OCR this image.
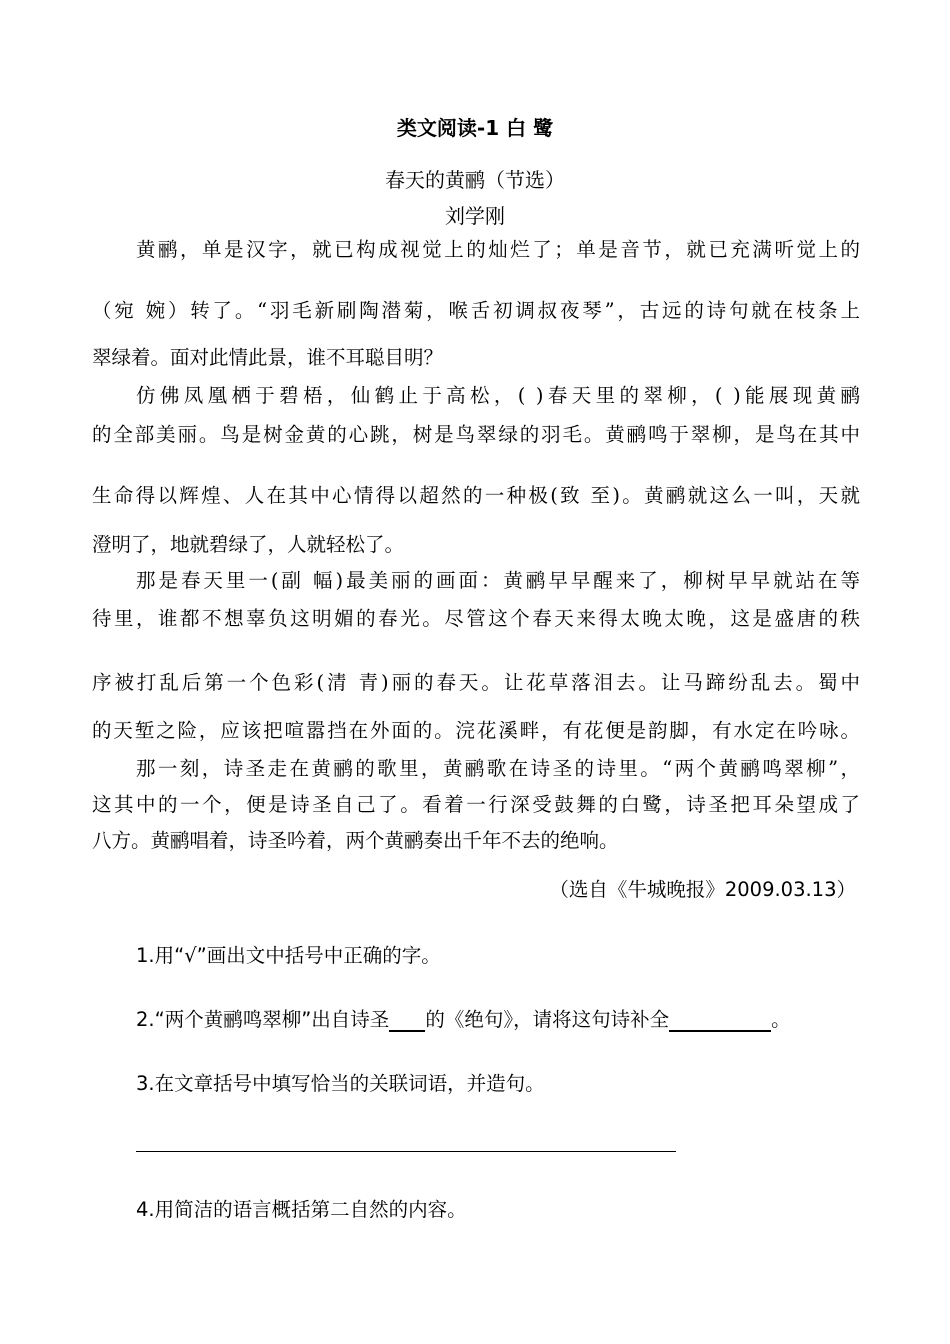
类文阅读-1 白 鹭
春天的黄鹂（节选）
刘学刚
黄鹂，单是汉字，就已构成视觉上的灿烂了；单是音节，就已充满听觉上的
（宛 婉）转了。“羽毛新刷陶潜菊，喉舌初调叔夜琴”，古远的诗句就在枝条上
翠绿着。面对此情此景，谁不耳聪目明？
仿佛凤凰栖于碧梧，仙鹤止于高松，( )春天里的翠柳，( )能展现黄鹂
的全部美丽。鸟是树金黄的心跳，树是鸟翠绿的羽毛。黄鹂鸣于翠柳，是鸟在其中
生命得以辉煌、人在其中心情得以超然的一种极(致 至)。黄鹂就这么一叫，天就
澄明了，地就碧绿了，人就轻松了。
那是春天里一(副 幅)最美丽的画面：黄鹂早早醒来了，柳树早早就站在等
待里，谁都不想辜负这明媚的春光。尽管这个春天来得太晚太晚，这是盛唐的秩
序被打乱后第一个色彩(清 青)丽的春天。让花草落泪去。让马蹄纷乱去。蜀中
的天堑之险，应该把喧嚣挡在外面的。浣花溪畔，有花便是韵脚，有水定在吟咏。
那一刻，诗圣走在黄鹂的歌里，黄鹂歌在诗圣的诗里。“两个黄鹂鸣翠柳”，
这其中的一个，便是诗圣自己了。看着一行深受鼓舞的白鹭，诗圣把耳朵望成了
八方。黄鹂唱着，诗圣吟着，两个黄鹂奏出千年不去的绝响。
（选自《牛城晚报》2009.03.13）
1.用“√”画出文中括号中正确的字。
2.“两个黄鹂鸣翠柳”出自诗圣 的《绝句》，请将这句诗补全	。
3.在文章括号中填写恰当的关联词语，并造句。
4.用简洁的语言概括第二自然的内容。
